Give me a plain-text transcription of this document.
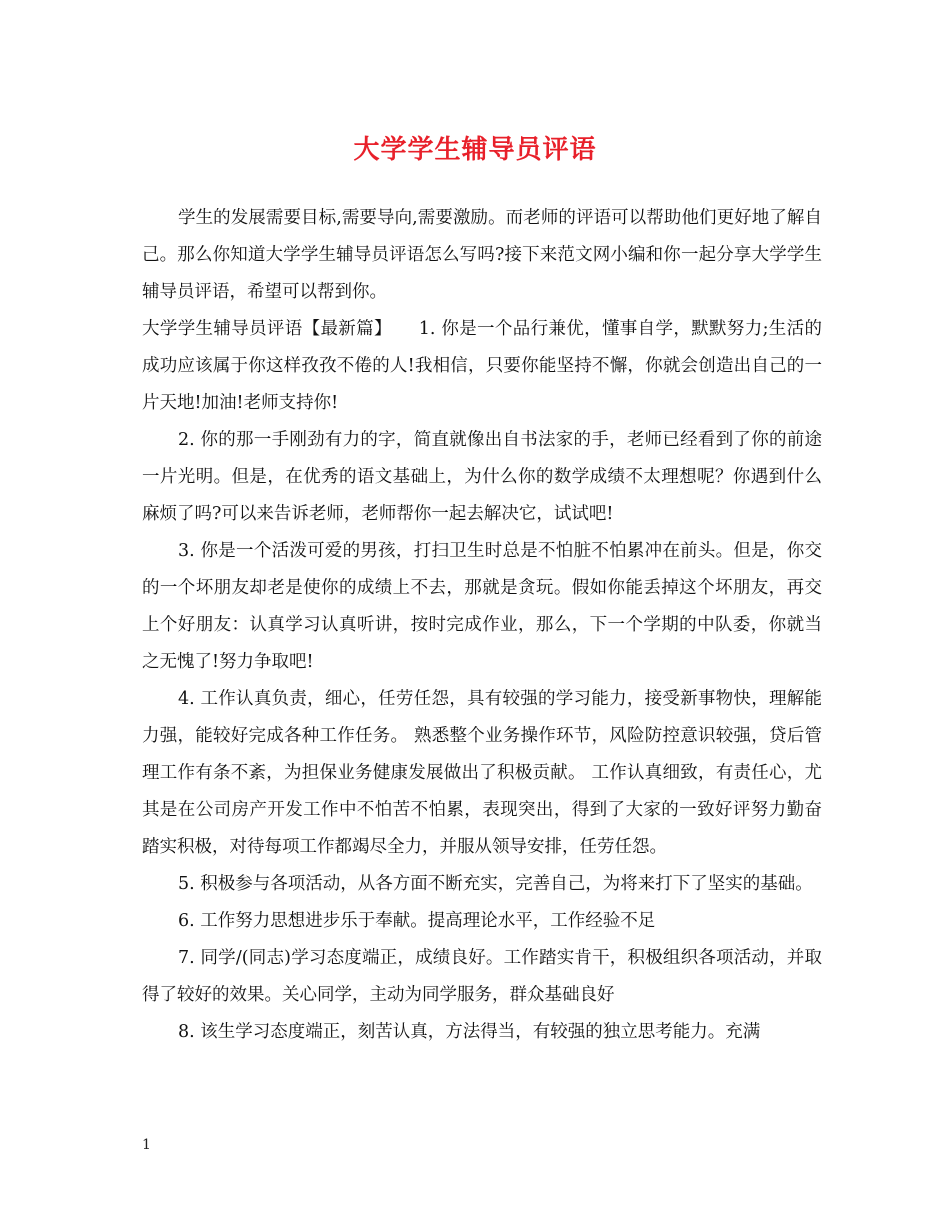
大学学生辅导员评语

学生的发展需要目标,需要导向,需要激励。而老师的评语可以帮助他们更好地了解自己。那么你知道大学学生辅导员评语怎么写吗?接下来范文网小编和你一起分享大学学生辅导员评语，希望可以帮到你。

大学学生辅导员评语【最新篇】　　1. 你是一个品行兼优，懂事自学，默默努力;生活的成功应该属于你这样孜孜不倦的人!我相信，只要你能坚持不懈，你就会创造出自己的一片天地!加油!老师支持你!

2. 你的那一手刚劲有力的字，简直就像出自书法家的手，老师已经看到了你的前途一片光明。但是，在优秀的语文基础上，为什么你的数学成绩不太理想呢？你遇到什么麻烦了吗?可以来告诉老师，老师帮你一起去解决它，试试吧!

3. 你是一个活泼可爱的男孩，打扫卫生时总是不怕脏不怕累冲在前头。但是，你交的一个坏朋友却老是使你的成绩上不去，那就是贪玩。假如你能丢掉这个坏朋友，再交上个好朋友：认真学习认真听讲，按时完成作业，那么，下一个学期的中队委，你就当之无愧了!努力争取吧!

4. 工作认真负责，细心，任劳任怨，具有较强的学习能力，接受新事物快，理解能力强，能较好完成各种工作任务。 熟悉整个业务操作环节，风险防控意识较强，贷后管理工作有条不紊，为担保业务健康发展做出了积极贡献。 工作认真细致，有责任心，尤其是在公司房产开发工作中不怕苦不怕累，表现突出，得到了大家的一致好评努力勤奋踏实积极，对待每项工作都竭尽全力，并服从领导安排，任劳任怨。

5. 积极参与各项活动，从各方面不断充实，完善自己，为将来打下了坚实的基础。

6. 工作努力思想进步乐于奉献。提高理论水平，工作经验不足

7. 同学/(同志)学习态度端正，成绩良好。工作踏实肯干，积极组织各项活动，并取得了较好的效果。关心同学，主动为同学服务，群众基础良好

8. 该生学习态度端正，刻苦认真，方法得当，有较强的独立思考能力。充满

1
